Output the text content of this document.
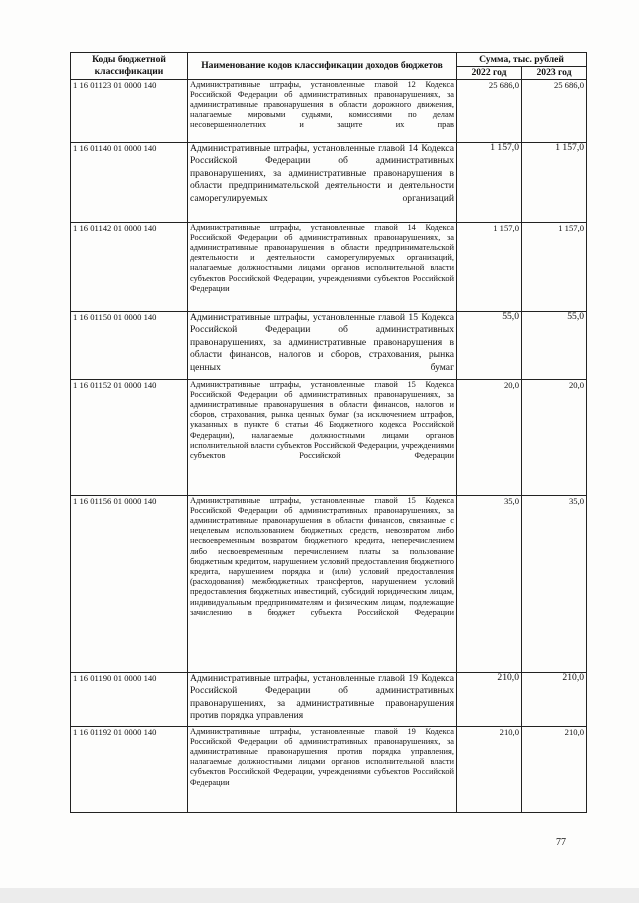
Коды бюджетной классификации	Наименование кодов классификации доходов бюджетов	Сумма, тыс. рублей	
		2022 год	2023 год
1 16 01123 01 0000 140	Административные штрафы, установленные главой 12 Кодекса Российской Федерации об административных правонарушениях, за административные правонарушения в области дорожного движения, налагаемые мировыми судьями, комиссиями по делам несовершеннолетних и защите их прав	25 686,0	25 686,0
1 16 01140 01 0000 140	Административные штрафы, установленные главой 14 Кодекса Российской Федерации об административных правонарушениях, за административные правонарушения в области предпринимательской деятельности и деятельности саморегулируемых организаций	1 157,0	1 157,0
1 16 01142 01 0000 140	Административные штрафы, установленные главой 14 Кодекса Российской Федерации об административных правонарушениях, за административные правонарушения в области предпринимательской деятельности и деятельности саморегулируемых организаций, налагаемые должностными лицами органов исполнительной власти субъектов Российской Федерации, учреждениями субъектов Российской Федерации	1 157,0	1 157,0
1 16 01150 01 0000 140	Административные штрафы, установленные главой 15 Кодекса Российской Федерации об административных правонарушениях, за административные правонарушения в области финансов, налогов и сборов, страхования, рынка ценных бумаг	55,0	55,0
1 16 01152 01 0000 140	Административные штрафы, установленные главой 15 Кодекса Российской Федерации об административных правонарушениях, за административные правонарушения в области финансов, налогов и сборов, страхования, рынка ценных бумаг (за исключением штрафов, указанных в пункте 6 статьи 46 Бюджетного кодекса Российской Федерации), налагаемые должностными лицами органов исполнительной власти субъектов Российской Федерации, учреждениями субъектов Российской Федерации	20,0	20,0
1 16 01156 01 0000 140	Административные штрафы, установленные главой 15 Кодекса Российской Федерации об административных правонарушениях, за административные правонарушения в области финансов, связанные с нецелевым использованием бюджетных средств, невозвратом либо несвоевременным возвратом бюджетного кредита, неперечислением либо несвоевременным перечислением платы за пользование бюджетным кредитом, нарушением условий предоставления бюджетного кредита, нарушением порядка и (или) условий предоставления (расходования) межбюджетных трансфертов, нарушением условий предоставления бюджетных инвестиций, субсидий юридическим лицам, индивидуальным предпринимателям и физическим лицам, подлежащие зачислению в бюджет субъекта Российской Федерации	35,0	35,0
1 16 01190 01 0000 140	Административные штрафы, установленные главой 19 Кодекса Российской Федерации об административных правонарушениях, за административные правонарушения против порядка управления	210,0	210,0
1 16 01192 01 0000 140	Административные штрафы, установленные главой 19 Кодекса Российской Федерации об административных правонарушениях, за административные правонарушения против порядка управления, налагаемые должностными лицами органов исполнительной власти субъектов Российской Федерации, учреждениями субъектов Российской Федерации	210,0	210,0
77
